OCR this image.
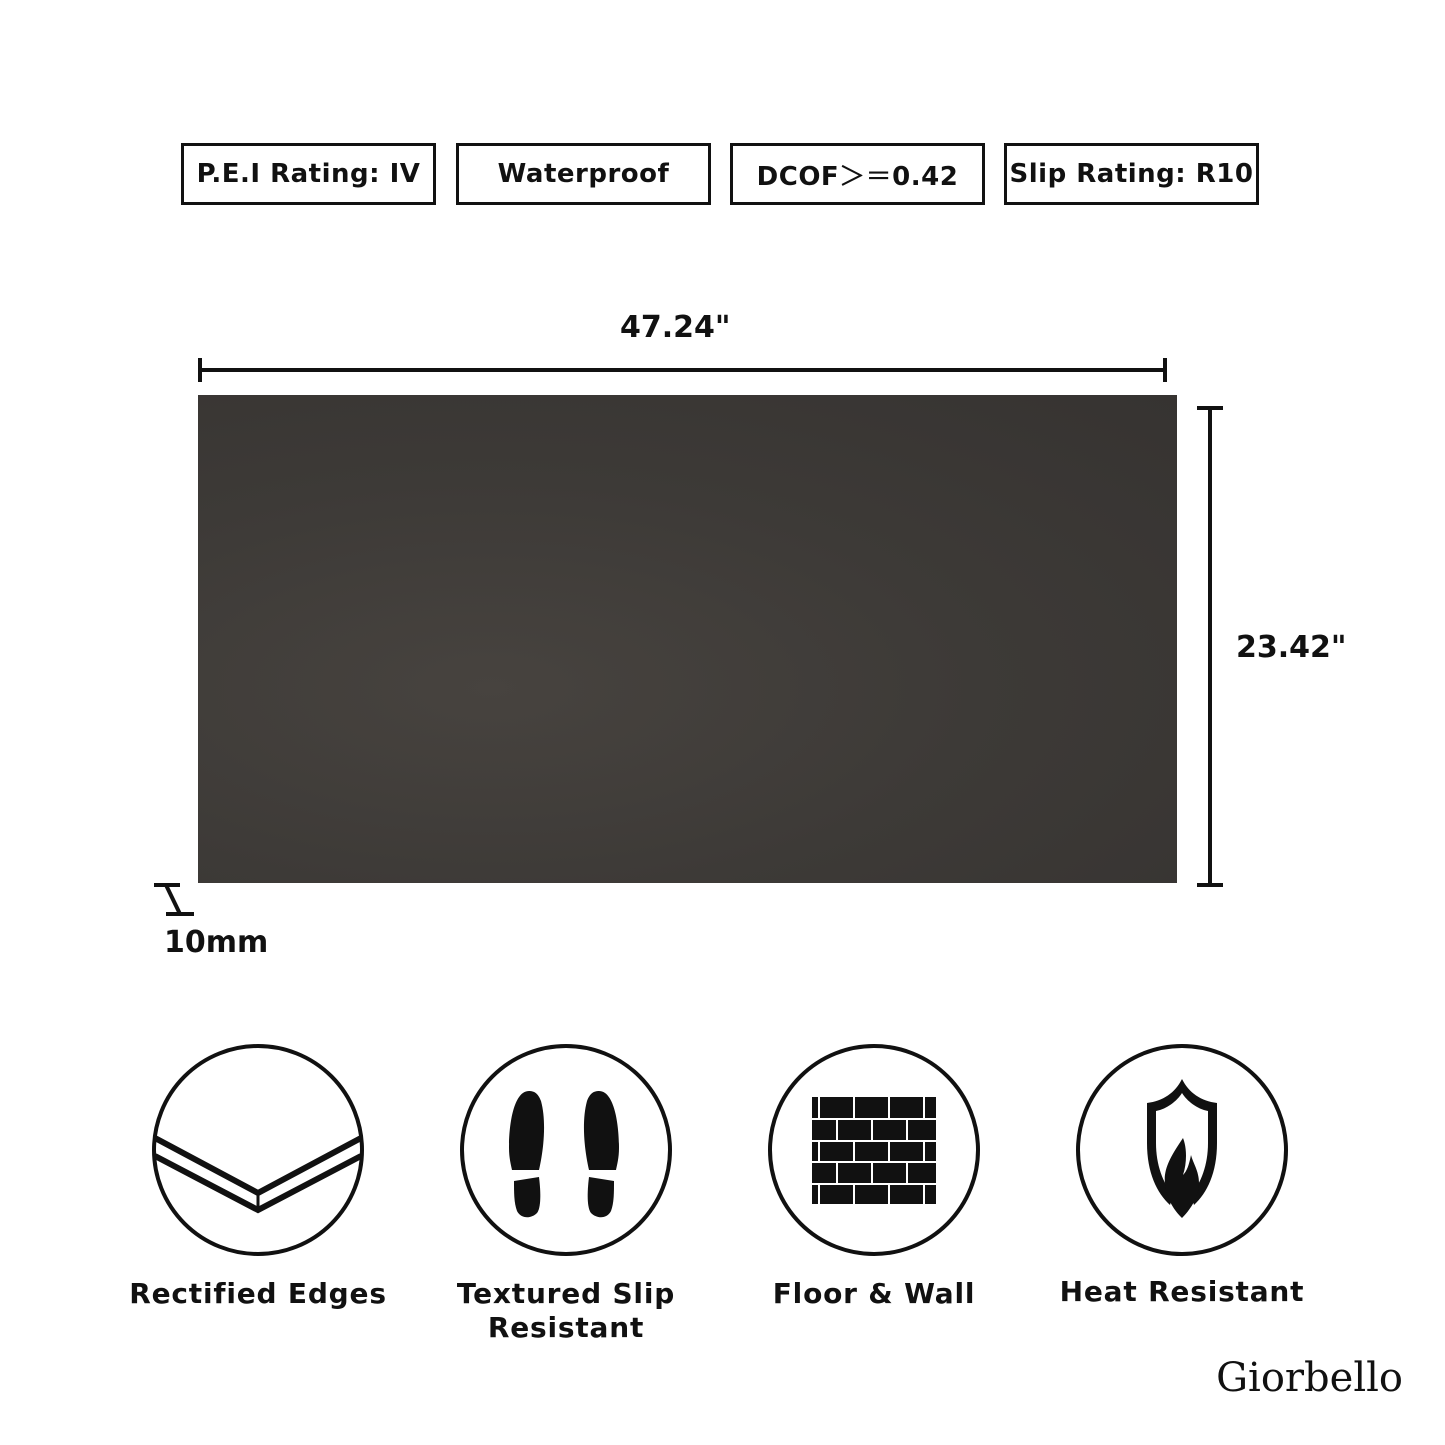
P.E.I Rating: IV	Waterproof	DCOF＞＝0.42	Slip Rating: R10
47.24"
23.42"
10mm
Rectified Edges	Textured Slip Resistant
Floor & Wall	Heat Resistant
Giorbello
